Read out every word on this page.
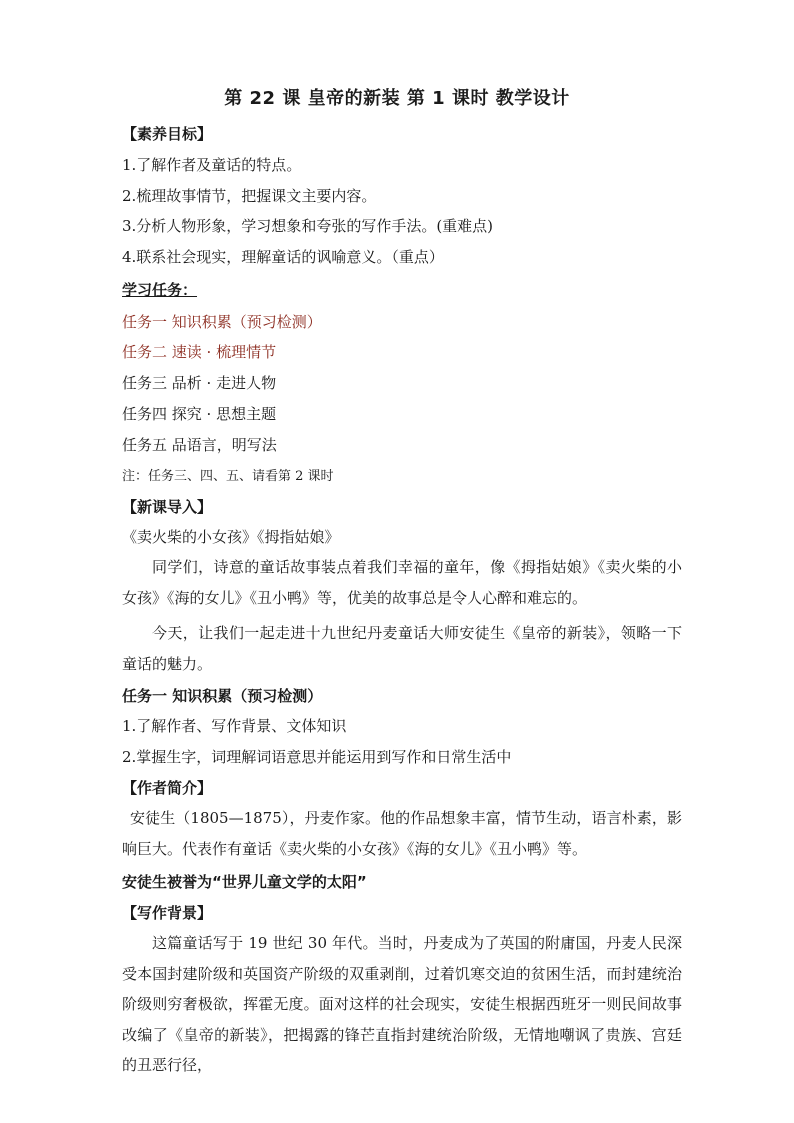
第 22 课 皇帝的新装 第 1 课时 教学设计
【素养目标】
1.了解作者及童话的特点。
2.梳理故事情节，把握课文主要内容。
3.分析人物形象，学习想象和夸张的写作手法。(重难点)
4.联系社会现实，理解童话的讽喻意义。（重点）
学习任务：
任务一 知识积累（预习检测）
任务二 速读 · 梳理情节
任务三 品析 · 走进人物
任务四 探究 · 思想主题
任务五 品语言，明写法
注：任务三、四、五、请看第 2 课时
【新课导入】
《卖火柴的小女孩》《拇指姑娘》

同学们，诗意的童话故事装点着我们幸福的童年，像《拇指姑娘》《卖火柴的小女孩》《海的女儿》《丑小鸭》等，优美的故事总是令人心醉和难忘的。

今天，让我们一起走进十九世纪丹麦童话大师安徒生《皇帝的新装》，领略一下童话的魅力。

任务一 知识积累（预习检测）
1.了解作者、写作背景、文体知识
2.掌握生字，词理解词语意思并能运用到写作和日常生活中
【作者简介】

安徒生（1805—1875），丹麦作家。他的作品想象丰富，情节生动，语言朴素，影响巨大。代表作有童话《卖火柴的小女孩》《海的女儿》《丑小鸭》等。

安徒生被誉为“世界儿童文学的太阳”
【写作背景】

这篇童话写于 19 世纪 30 年代。当时，丹麦成为了英国的附庸国，丹麦人民深受本国封建阶级和英国资产阶级的双重剥削，过着饥寒交迫的贫困生活，而封建统治阶级则穷奢极欲，挥霍无度。面对这样的社会现实，安徒生根据西班牙一则民间故事改编了《皇帝的新装》，把揭露的锋芒直指封建统治阶级，无情地嘲讽了贵族、宫廷的丑恶行径，
